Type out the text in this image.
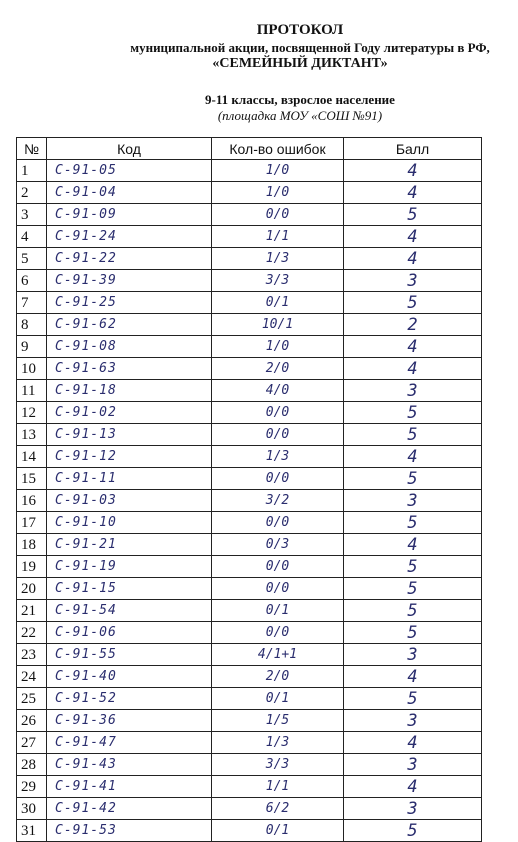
ПРОТОКОЛ
муниципальной акции, посвященной Году литературы в РФ,
«СЕМЕЙНЫЙ ДИКТАНТ»
9-11 классы, взрослое население
(площадка МОУ «СОШ №91)
№	Код	Кол-во ошибок	Балл
1	С-91-05	1/0	4
2	С-91-04	1/0	4
3	С-91-09	0/0	5
4	С-91-24	1/1	4
5	С-91-22	1/3	4
6	С-91-39	3/3	3
7	С-91-25	0/1	5
8	С-91-62	10/1	2
9	С-91-08	1/0	4
10	С-91-63	2/0	4
11	С-91-18	4/0	3
12	С-91-02	0/0	5
13	С-91-13	0/0	5
14	С-91-12	1/3	4
15	С-91-11	0/0	5
16	С-91-03	3/2	3
17	С-91-10	0/0	5
18	С-91-21	0/3	4
19	С-91-19	0/0	5
20	С-91-15	0/0	5
21	С-91-54	0/1	5
22	С-91-06	0/0	5
23	С-91-55	4/1+1	3
24	С-91-40	2/0	4
25	С-91-52	0/1	5
26	С-91-36	1/5	3
27	С-91-47	1/3	4
28	С-91-43	3/3	3
29	С-91-41	1/1	4
30	С-91-42	6/2	3
31	С-91-53	0/1	5
